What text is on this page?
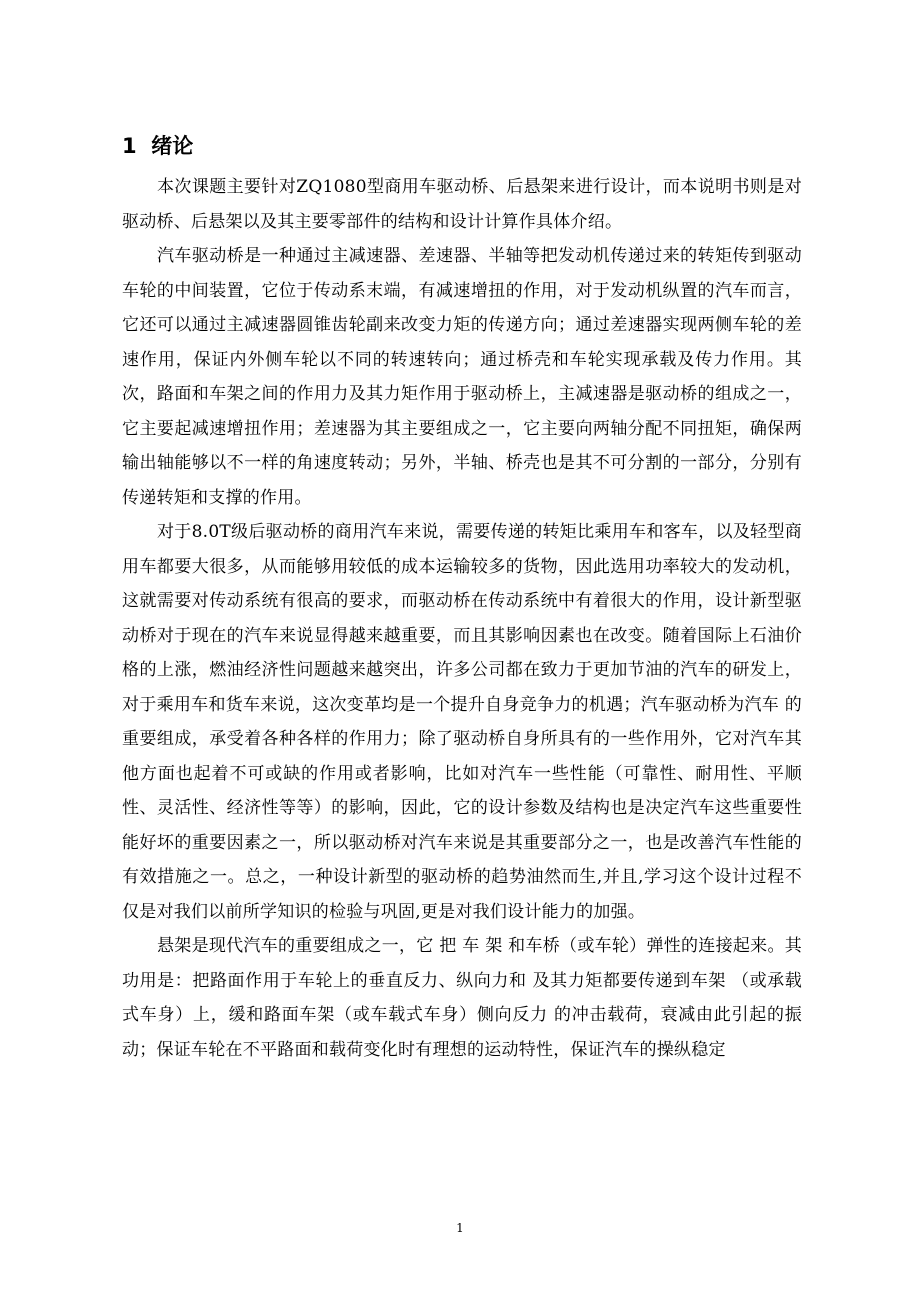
1 绪论

本次课题主要针对ZQ1080型商用车驱动桥、后悬架来进行设计，而本说明书则是对驱动桥、后悬架以及其主要零部件的结构和设计计算作具体介绍。

汽车驱动桥是一种通过主减速器、差速器、半轴等把发动机传递过来的转矩传到驱动车轮的中间装置，它位于传动系末端，有减速增扭的作用，对于发动机纵置的汽车而言，它还可以通过主减速器圆锥齿轮副来改变力矩的传递方向；通过差速器实现两侧车轮的差速作用，保证内外侧车轮以不同的转速转向；通过桥壳和车轮实现承载及传力作用。其次，路面和车架之间的作用力及其力矩作用于驱动桥上，主减速器是驱动桥的组成之一，它主要起减速增扭作用；差速器为其主要组成之一，它主要向两轴分配不同扭矩，确保两输出轴能够以不一样的角速度转动；另外，半轴、桥壳也是其不可分割的一部分，分别有传递转矩和支撑的作用。

对于8.0T级后驱动桥的商用汽车来说，需要传递的转矩比乘用车和客车，以及轻型商用车都要大很多，从而能够用较低的成本运输较多的货物，因此选用功率较大的发动机，这就需要对传动系统有很高的要求，而驱动桥在传动系统中有着很大的作用，设计新型驱动桥对于现在的汽车来说显得越来越重要，而且其影响因素也在改变。随着国际上石油价格的上涨，燃油经济性问题越来越突出，许多公司都在致力于更加节油的汽车的研发上，对于乘用车和货车来说，这次变革均是一个提升自身竞争力的机遇；汽车驱动桥为汽车 的重要组成，承受着各种各样的作用力；除了驱动桥自身所具有的一些作用外，它对汽车其他方面也起着不可或缺的作用或者影响，比如对汽车一些性能（可靠性、耐用性、平顺性、灵活性、经济性等等）的影响，因此，它的设计参数及结构也是决定汽车这些重要性能好坏的重要因素之一，所以驱动桥对汽车来说是其重要部分之一，也是改善汽车性能的有效措施之一。总之，一种设计新型的驱动桥的趋势油然而生,并且,学习这个设计过程不仅是对我们以前所学知识的检验与巩固,更是对我们设计能力的加强。

悬架是现代汽车的重要组成之一，它 把 车 架 和车桥（或车轮）弹性的连接起来。其功用是：把路面作用于车轮上的垂直反力、纵向力和 及其力矩都要传递到车架 （或承载式车身）上，缓和路面车架（或车载式车身）侧向反力 的冲击载荷，衰减由此引起的振动；保证车轮在不平路面和载荷变化时有理想的运动特性，保证汽车的操纵稳定

1
